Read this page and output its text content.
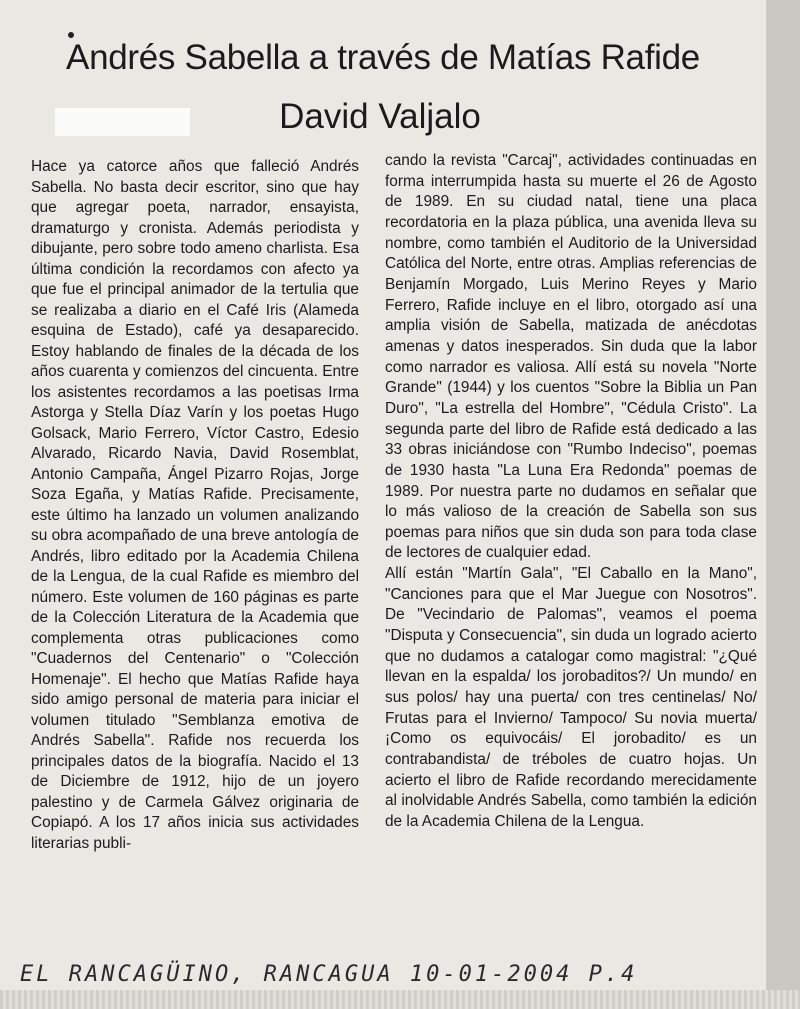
Andrés Sabella a través de Matías Rafide
David Valjalo

Hace ya catorce años que falleció Andrés Sabella. No basta decir escritor, sino que hay que agregar poeta, narrador, ensayista, dramaturgo y cronista. Además periodista y dibujante, pero sobre todo ameno charlista. Esa última condición la recordamos con afecto ya que fue el principal animador de la tertulia que se realizaba a diario en el Café Iris (Alameda esquina de Estado), café ya desaparecido. Estoy hablando de finales de la década de los años cuarenta y comienzos del cincuenta. Entre los asistentes recordamos a las poetisas Irma Astorga y Stella Díaz Varín y los poetas Hugo Golsack, Mario Ferrero, Víctor Castro, Edesio Alvarado, Ricardo Navia, David Rosemblat, Antonio Campaña, Ángel Pizarro Rojas, Jorge Soza Egaña, y Matías Rafide. Precisamente, este último ha lanzado un volumen analizando su obra acompañado de una breve antología de Andrés, libro editado por la Academia Chilena de la Lengua, de la cual Rafide es miembro del número. Este volumen de 160 páginas es parte de la Colección Literatura de la Academia que complementa otras publicaciones como "Cuadernos del Centenario" o "Colección Homenaje". El hecho que Matías Rafide haya sido amigo personal de materia para iniciar el volumen titulado "Semblanza emotiva de Andrés Sabella". Rafide nos recuerda los principales datos de la biografía. Nacido el 13 de Diciembre de 1912, hijo de un joyero palestino y de Carmela Gálvez originaria de Copiapó. A los 17 años inicia sus actividades literarias publi-

cando la revista "Carcaj", actividades continuadas en forma interrumpida hasta su muerte el 26 de Agosto de 1989. En su ciudad natal, tiene una placa recordatoria en la plaza pública, una avenida lleva su nombre, como también el Auditorio de la Universidad Católica del Norte, entre otras. Amplias referencias de Benjamín Morgado, Luis Merino Reyes y Mario Ferrero, Rafide incluye en el libro, otorgado así una amplia visión de Sabella, matizada de anécdotas amenas y datos inesperados. Sin duda que la labor como narrador es valiosa. Allí está su novela "Norte Grande" (1944) y los cuentos "Sobre la Biblia un Pan Duro", "La estrella del Hombre", "Cédula Cristo". La segunda parte del libro de Rafide está dedicado a las 33 obras iniciándose con "Rumbo Indeciso", poemas de 1930 hasta "La Luna Era Redonda" poemas de 1989. Por nuestra parte no dudamos en señalar que lo más valioso de la creación de Sabella son sus poemas para niños que sin duda son para toda clase de lectores de cualquier edad.

Allí están "Martín Gala", "El Caballo en la Mano", "Canciones para que el Mar Juegue con Nosotros". De "Vecindario de Palomas", veamos el poema "Disputa y Consecuencia", sin duda un logrado acierto que no dudamos a catalogar como magistral: "¿Qué llevan en la espalda/ los jorobaditos?/ Un mundo/ en sus polos/ hay una puerta/ con tres centinelas/ No/ Frutas para el Invierno/ Tampoco/ Su novia muerta/ ¡Como os equivocáis/ El jorobadito/ es un contrabandista/ de tréboles de cuatro hojas. Un acierto el libro de Rafide recordando merecidamente al inolvidable Andrés Sabella, como también la edición de la Academia Chilena de la Lengua.

EL RANCAGÜINO, RANCAGUA 10-01-2004 P.4
